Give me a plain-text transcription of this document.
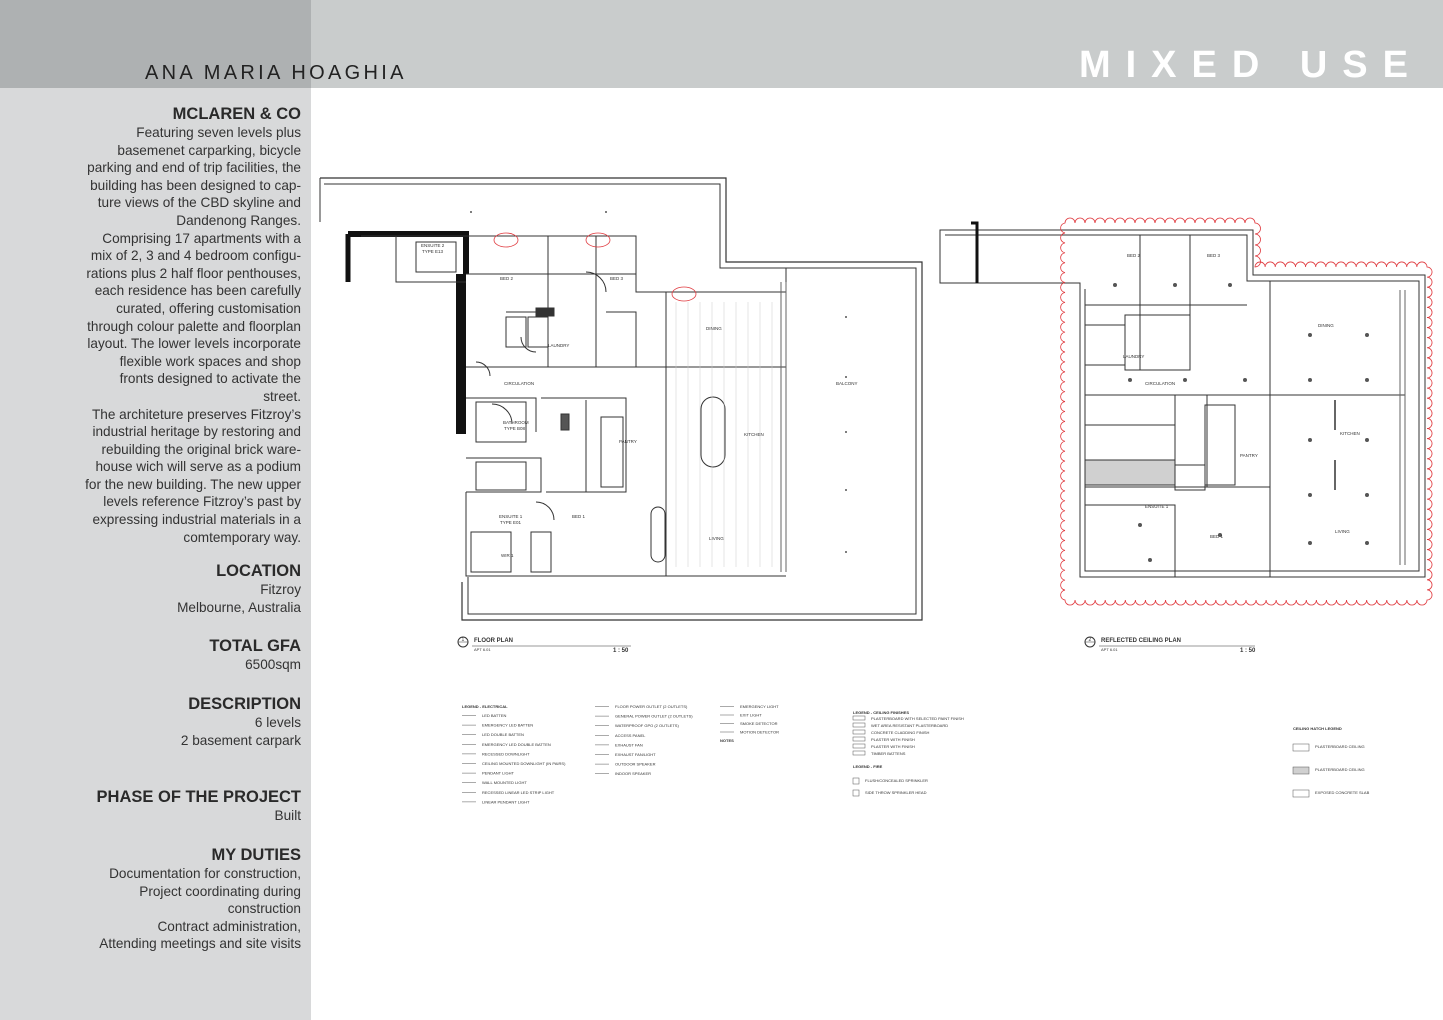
ANA MARIA HOAGHIA	MIXED USE
MCLAREN & CO
Featuring seven levels plus
basemenet carparking, bicycle
parking and end of trip facilities, the
building has been designed to cap-
ture views of the CBD skyline and
Dandenong Ranges.
Comprising 17 apartments with a
mix of 2, 3 and 4 bedroom configu-
rations plus 2 half floor penthouses,
each residence has been carefully
curated, offering customisation
through colour palette and floorplan
layout. The lower levels incorporate
flexible work spaces and shop
fronts designed to activate the
street.
The architeture preserves Fitzroy’s
industrial heritage by restoring and
rebuilding the original brick ware-
house wich will serve as a podium
for the new building. The new upper
levels reference Fitzroy’s past by
expressing industrial materials in a
comtemporary way.
LOCATION
Fitzroy
Melbourne, Australia
TOTAL GFA
6500sqm
DESCRIPTION
6 levels
2 basement carpark
PHASE OF THE PROJECT
Built
MY DUTIES
Documentation for construction,
Project coordinating during
construction
Contract administration,
Attending meetings and site visits
ENSUITE 2
TYPE E13
BED 2	BED 3
LAUNDRY
DINING
CIRCULATION	BALCONY
BATHROOM
TYPE B08
PANTRY
KITCHEN
ENSUITE 1
TYPE E01
BED 1
WIR 1
LIVING
1 FLOOR PLAN
APT 6.01	1 : 50
BED 2	BED 3
LAUNDRY
DINING
CIRCULATION
KITCHEN
PANTRY
ENSUITE 1
BED 1
LIVING
2 REFLECTED CEILING PLAN
APT 6.01	1 : 50
LEGEND - ELECTRICAL
LED BATTEN
EMERGENCY LED BATTEN
LED DOUBLE BATTEN
EMERGENCY LED DOUBLE BATTEN
RECESSED DOWNLIGHT
CEILING MOUNTED DOWNLIGHT (IN PAIRS)
PENDANT LIGHT
WALL MOUNTED LIGHT
RECESSED LINEAR LED STRIP LIGHT
LINEAR PENDANT LIGHT
FLOOR POWER OUTLET (2 OUTLETS)
GENERAL POWER OUTLET (2 OUTLETS)
WATERPROOF GPO (2 OUTLETS)
ACCESS PANEL
EXHAUST FAN
EXHAUST FAN/LIGHT
OUTDOOR SPEAKER
INDOOR SPEAKER
EMERGENCY LIGHT
EXIT LIGHT
SMOKE DETECTOR
MOTION DETECTOR
NOTES
LEGEND - CEILING FINISHES
PLASTERBOARD WITH SELECTED PAINT FINISH
WET AREA RESISTANT PLASTERBOARD
CONCRETE CLADDING FINISH
PLASTER WITH FINISH
PLASTER WITH FINISH
TIMBER BATTENS
LEGEND - FIRE
FLUSH/CONCEALED SPRINKLER
SIDE THROW SPRINKLER HEAD
CEILING HATCH LEGEND
PLASTERBOARD CEILING
PLASTERBOARD CEILING
EXPOSED CONCRETE SLAB
